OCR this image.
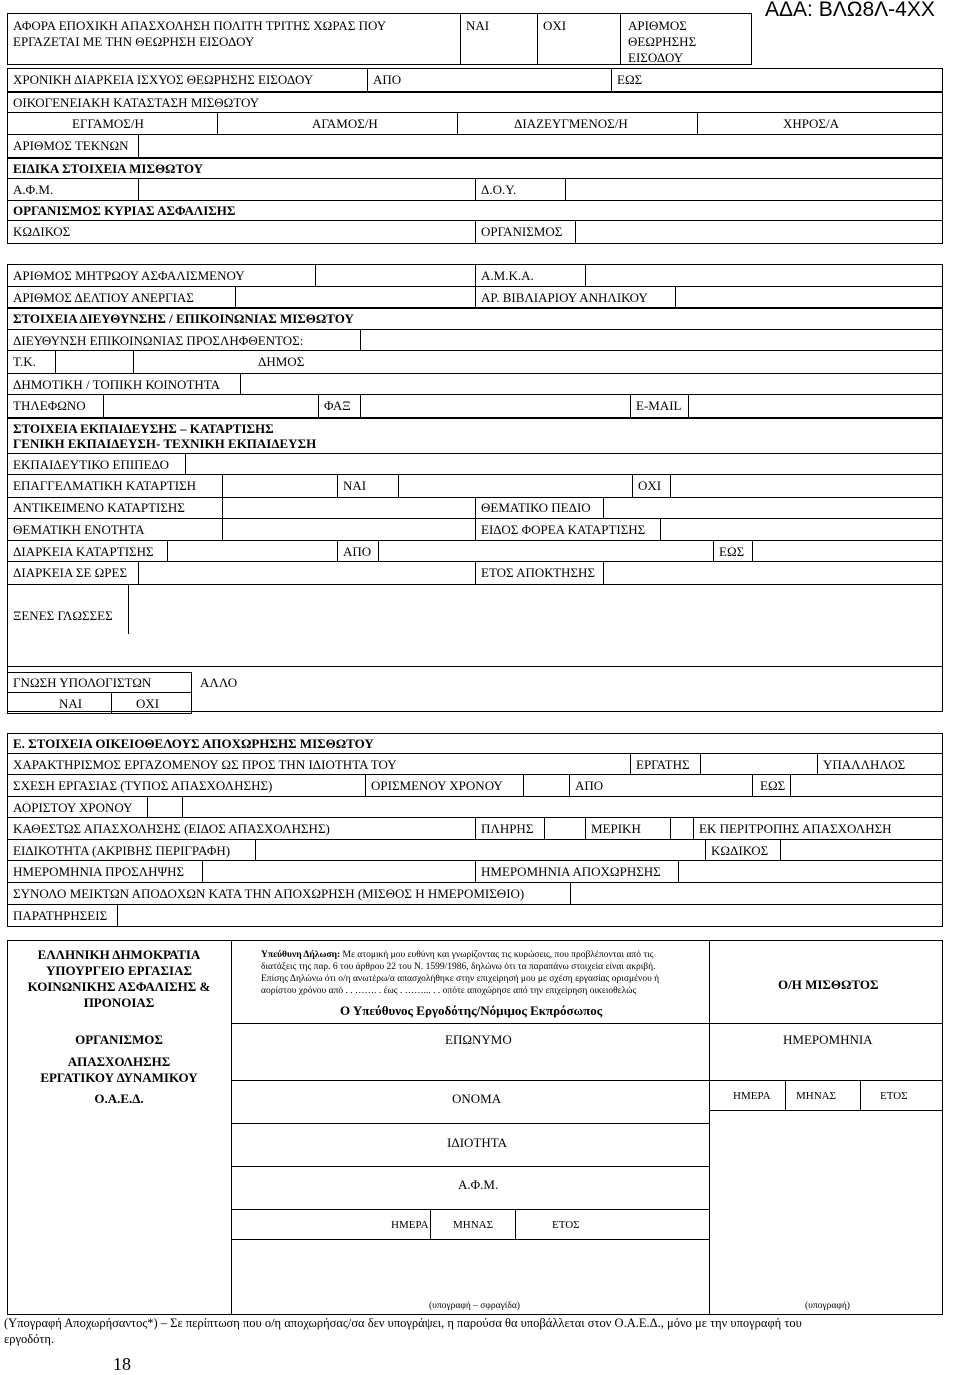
ΑΔΑ: ΒΛΩ8Λ-4ΧΧ
ΑΦΟΡΑ ΕΠΟΧΙΚΗ ΑΠΑΣΧΟΛΗΣΗ ΠΟΛΙΤΗ ΤΡΙΤΗΣ ΧΩΡΑΣ ΠΟΥ
ΕΡΓΑΖΕΤΑΙ ΜΕ ΤΗΝ ΘΕΩΡΗΣΗ ΕΙΣΟΔΟΥ
ΝΑΙ	ΟΧΙ	ΑΡΙΘΜΟΣ
ΘΕΩΡΗΣΗΣ
ΕΙΣΟΔΟΥ
ΧΡΟΝΙΚΗ ΔΙΑΡΚΕΙΑ ΙΣΧΥΟΣ ΘΕΩΡΗΣΗΣ ΕΙΣΟΔΟΥ	ΑΠΟ	ΕΩΣ
ΟΙΚΟΓΕΝΕΙΑΚΗ ΚΑΤΑΣΤΑΣΗ ΜΙΣΘΩΤΟΥ
ΕΓΓΑΜΟΣ/Η	ΑΓΑΜΟΣ/Η	ΔΙΑΖΕΥΓΜΕΝΟΣ/Η	ΧΗΡΟΣ/Α
ΑΡΙΘΜΟΣ ΤΕΚΝΩΝ
ΕΙΔΙΚΑ ΣΤΟΙΧΕΙΑ ΜΙΣΘΩΤΟΥ
Α.Φ.Μ.	Δ.Ο.Υ.
ΟΡΓΑΝΙΣΜΟΣ ΚΥΡΙΑΣ ΑΣΦΑΛΙΣΗΣ
ΚΩΔΙΚΟΣ	ΟΡΓΑΝΙΣΜΟΣ
ΑΡΙΘΜΟΣ ΜΗΤΡΩΟΥ ΑΣΦΑΛΙΣΜΕΝΟΥ	Α.Μ.Κ.Α.
ΑΡΙΘΜΟΣ ΔΕΛΤΙΟΥ ΑΝΕΡΓΙΑΣ	ΑΡ. ΒΙΒΛΙΑΡΙΟΥ ΑΝΗΛΙΚΟΥ
ΣΤΟΙΧΕΙΑ ΔΙΕΥΘΥΝΣΗΣ / ΕΠΙΚΟΙΝΩΝΙΑΣ ΜΙΣΘΩΤΟΥ
ΔΙΕΥΘΥΝΣΗ ΕΠΙΚΟΙΝΩΝΙΑΣ ΠΡΟΣΛΗΦΘΕΝΤΟΣ:
Τ.Κ.	ΔΗΜΟΣ
ΔΗΜΟΤΙΚΗ / ΤΟΠΙΚΗ ΚΟΙΝΟΤΗΤΑ
ΤΗΛΕΦΩΝΟ	ΦΑΞ	E-MAIL
ΣΤΟΙΧΕΙΑ ΕΚΠΑΙΔΕΥΣΗΣ – ΚΑΤΑΡΤΙΣΗΣ
ΓΕΝΙΚΗ ΕΚΠΑΙΔΕΥΣΗ- ΤΕΧΝΙΚΗ ΕΚΠΑΙΔΕΥΣΗ
ΕΚΠΑΙΔΕΥΤΙΚΟ ΕΠΙΠΕΔΟ
ΕΠΑΓΓΕΛΜΑΤΙΚΗ ΚΑΤΑΡΤΙΣΗ	ΝΑΙ	ΟΧΙ
ΑΝΤΙΚΕΙΜΕΝΟ ΚΑΤΑΡΤΙΣΗΣ	ΘΕΜΑΤΙΚΟ ΠΕΔΙΟ
ΘΕΜΑΤΙΚΗ ΕΝΟΤΗΤΑ	ΕΙΔΟΣ ΦΟΡΕΑ ΚΑΤΑΡΤΙΣΗΣ
ΔΙΑΡΚΕΙΑ ΚΑΤΑΡΤΙΣΗΣ	ΑΠΟ	ΕΩΣ
ΔΙΑΡΚΕΙΑ ΣΕ ΩΡΕΣ	ΕΤΟΣ ΑΠΟΚΤΗΣΗΣ
ΞΕΝΕΣ ΓΛΩΣΣΕΣ
ΓΝΩΣΗ ΥΠΟΛΟΓΙΣΤΩΝ
ΝΑΙ	ΟΧΙ
ΑΛΛΟ
Ε. ΣΤΟΙΧΕΙΑ ΟΙΚΕΙΟΘΕΛΟΥΣ ΑΠΟΧΩΡΗΣΗΣ ΜΙΣΘΩΤΟΥ
ΧΑΡΑΚΤΗΡΙΣΜΟΣ ΕΡΓΑΖΟΜΕΝΟΥ ΩΣ ΠΡΟΣ ΤΗΝ ΙΔΙΟΤΗΤΑ ΤΟΥ	ΕΡΓΑΤΗΣ	ΥΠΑΛΛΗΛΟΣ
ΣΧΕΣΗ ΕΡΓΑΣΙΑΣ (ΤΥΠΟΣ ΑΠΑΣΧΟΛΗΣΗΣ)	ΟΡΙΣΜΕΝΟΥ ΧΡΟΝΟΥ	ΑΠΟ	ΕΩΣ
ΑΟΡΙΣΤΟΥ ΧΡΟΝΟΥ
ΚΑΘΕΣΤΩΣ ΑΠΑΣΧΟΛΗΣΗΣ (ΕΙΔΟΣ ΑΠΑΣΧΟΛΗΣΗΣ)	ΠΛΗΡΗΣ	ΜΕΡΙΚΗ	ΕΚ ΠΕΡΙΤΡΟΠΗΣ ΑΠΑΣΧΟΛΗΣΗ
ΕΙΔΙΚΟΤΗΤΑ (ΑΚΡΙΒΗΣ ΠΕΡΙΓΡΑΦΗ)	ΚΩΔΙΚΟΣ
ΗΜΕΡΟΜΗΝΙΑ ΠΡΟΣΛΗΨΗΣ	ΗΜΕΡΟΜΗΝΙΑ ΑΠΟΧΩΡΗΣΗΣ
ΣΥΝΟΛΟ ΜΕΙΚΤΩΝ ΑΠΟΔΟΧΩΝ ΚΑΤΑ ΤΗΝ ΑΠΟΧΩΡΗΣΗ (ΜΙΣΘΟΣ Η ΗΜΕΡΟΜΙΣΘΙΟ)
ΠΑΡΑΤΗΡΗΣΕΙΣ
ΕΛΛΗΝΙΚΗ ΔΗΜΟΚΡΑΤΙΑ
ΥΠΟΥΡΓΕΙΟ ΕΡΓΑΣΙΑΣ
ΚΟΙΝΩΝΙΚΗΣ ΑΣΦΑΛΙΣΗΣ &
ΠΡΟΝΟΙΑΣ
ΟΡΓΑΝΙΣΜΟΣ
ΑΠΑΣΧΟΛΗΣΗΣ
ΕΡΓΑΤΙΚΟΥ ΔΥΝΑΜΙΚΟΥ
Ο.Α.Ε.Δ.
Υπεύθυνη Δήλωση: Με ατομική μου ευθύνη και γνωρίζοντας τις κυρώσεις, που προβλέπονται από τις
διατάξεις της παρ. 6 του άρθρου 22 του Ν. 1599/1986, δηλώνω ότι τα παραπάνω στοιχεία είναι ακριβή.
Επίσης Δηλώνω ότι ο/η ανωτέρω/α απασχολήθηκε στην επιχείρησή μου με σχέση εργασίας ορισμένου ή
αορίστου χρόνου από . . ……. . έως . ……... . . οπότε αποχώρησε από την επιχείρηση οικειοθελώς
Ο Υπεύθυνος Εργοδότης/Νόμιμος Εκπρόσωπος
Ο/Η ΜΙΣΘΩΤΟΣ
ΕΠΩΝΥΜΟ	ΗΜΕΡΟΜΗΝΙΑ
ΟΝΟΜΑ	ΗΜΕΡΑ ΜΗΝΑΣ	ΕΤΟΣ
ΙΔΙΟΤΗΤΑ
Α.Φ.Μ.
ΗΜΕΡΑ ΜΗΝΑΣ	ΕΤΟΣ
(υπογραφή – σφραγίδα)	(υπογραφή)
(Υπογραφή Αποχωρήσαντος*) – Σε περίπτωση που ο/η αποχωρήσας/σα δεν υπογράψει, η παρούσα θα υποβάλλεται στον Ο.Α.Ε.Δ., μόνο με την υπογραφή του
εργοδότη.
18
